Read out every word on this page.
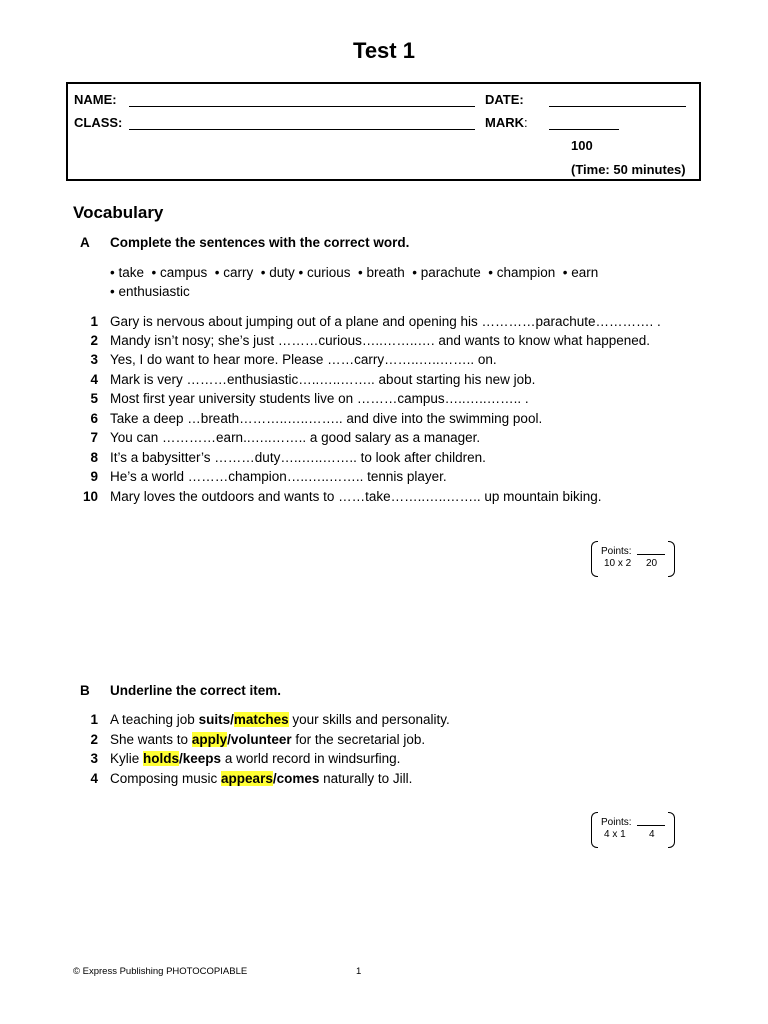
Test 1
NAME:	DATE:
CLASS:	MARK:
100
(Time: 50 minutes)
Vocabulary
A Complete the sentences with the correct word.
• take  • campus  • carry  • duty • curious  • breath  • parachute  • champion  • earn
• enthusiastic
1 Gary is nervous about jumping out of a plane and opening his …………parachute…………. .
2 Mandy isn’t nosy; she’s just ………curious…..……..…. and wants to know what happened.
3 Yes, I do want to hear more. Please ……carry……..…..…….. on.
4 Mark is very ………enthusiastic…..…..…….. about starting his new job.
5 Most first year university students live on ………campus…..…..…….. .
6 Take a deep …breath………..…..…….. and dive into the swimming pool.
7 You can …………earn..…..…….. a good salary as a manager.
8 It’s a babysitter’s ………duty…..…..…….. to look after children.
9 He’s a world ………champion…..…..…….. tennis player.
10 Mary loves the outdoors and wants to ……take……..…..…….. up mountain biking.
Points:
10 x 2 20
B Underline the correct item.
1 A teaching job suits/matches your skills and personality.
2 She wants to apply/volunteer for the secretarial job.
3 Kylie holds/keeps a world record in windsurfing.
4 Composing music appears/comes naturally to Jill.
Points:
4 x 1 4
© Express Publishing PHOTOCOPIABLE	1
